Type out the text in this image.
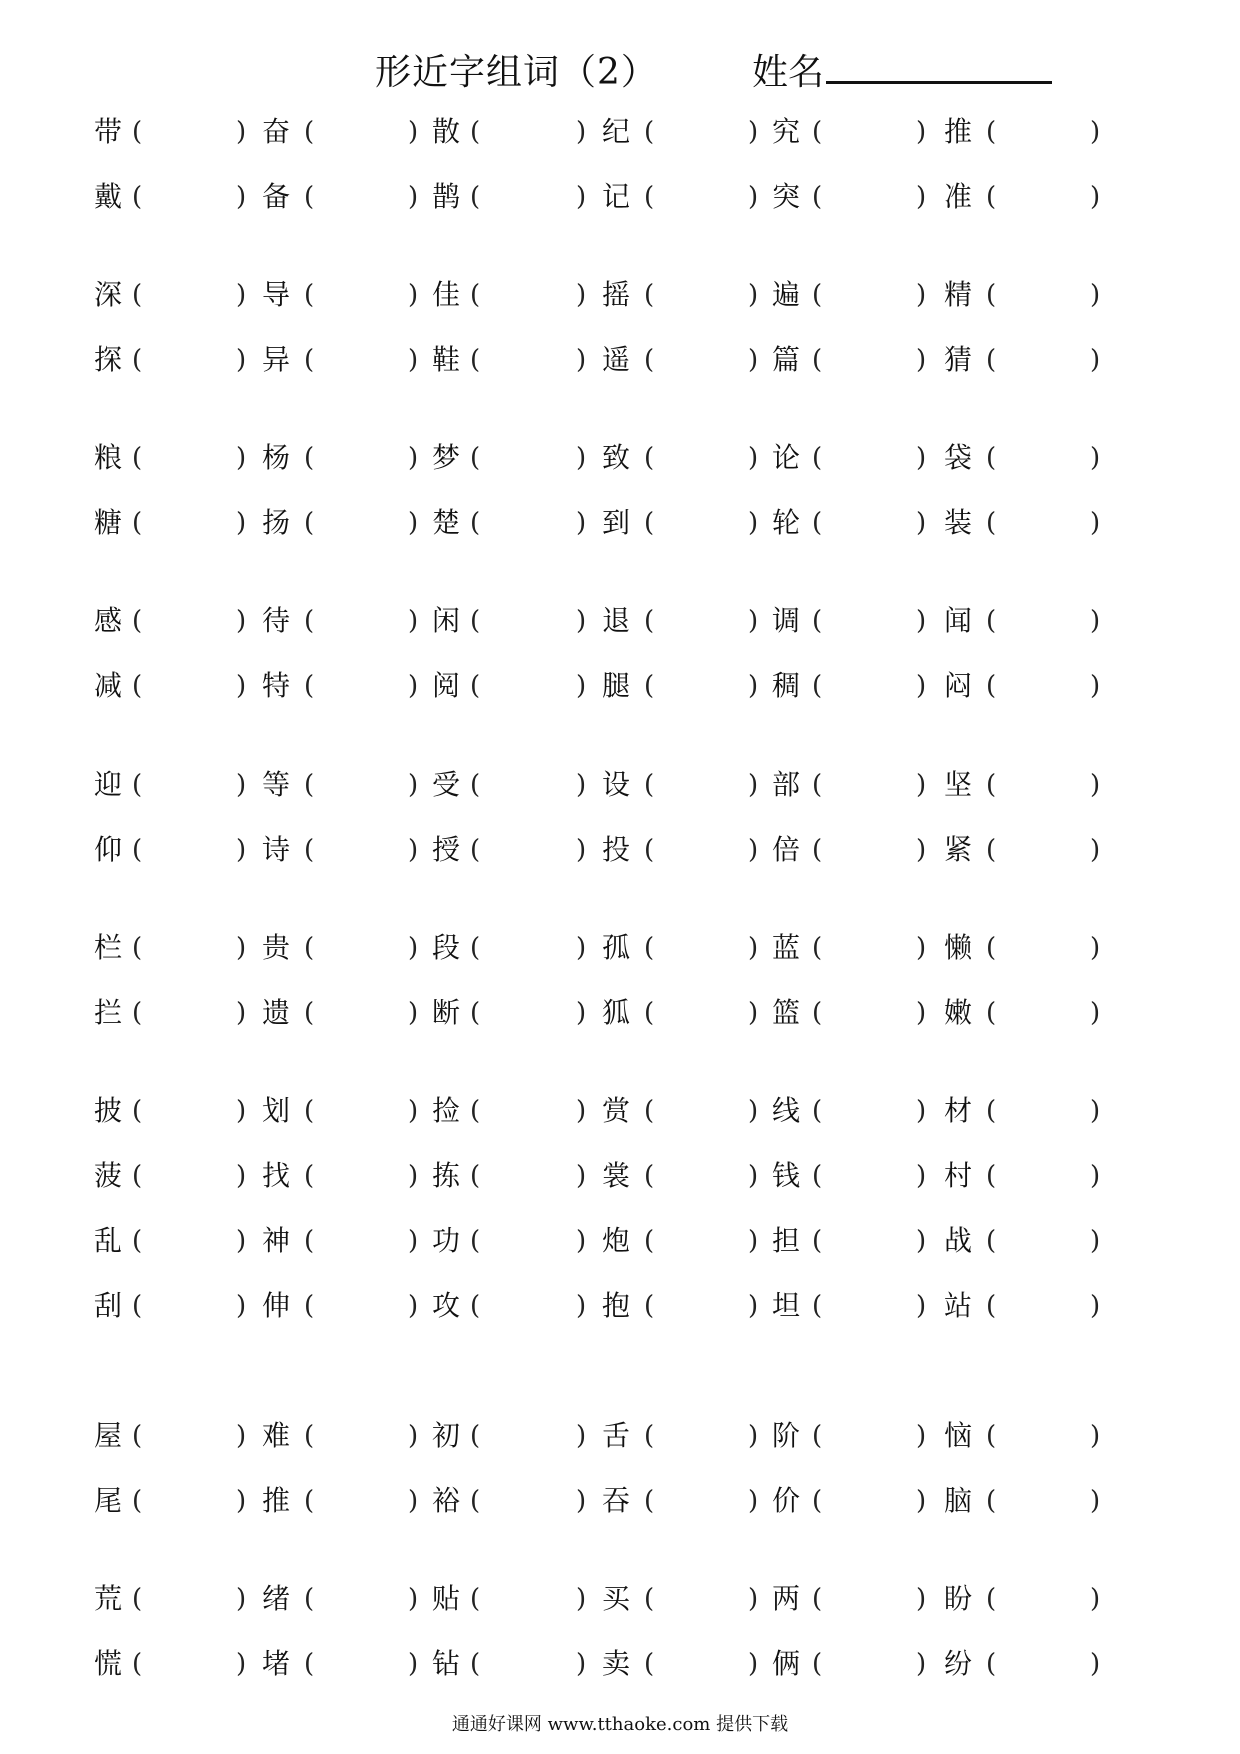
形近字组词（2）	姓名
带 (	) 奋 (	) 散 (	) 纪 (	) 究 (	) 推 (	)
戴 (	) 备 (	) 鹊 (	) 记 (	) 突 (	) 准 (	)
深 (	) 导 (	) 佳 (	) 摇 (	) 遍 (	) 精 (	)
探 (	) 异 (	) 鞋 (	) 遥 (	) 篇 (	) 猜 (	)
粮 (	) 杨 (	) 梦 (	) 致 (	) 论 (	) 袋 (	)
糖 (	) 扬 (	) 楚 (	) 到 (	) 轮 (	) 装 (	)
感 (	) 待 (	) 闲 (	) 退 (	) 调 (	) 闻 (	)
减 (	) 特 (	) 阅 (	) 腿 (	) 稠 (	) 闷 (	)
迎 (	) 等 (	) 受 (	) 设 (	) 部 (	) 坚 (	)
仰 (	) 诗 (	) 授 (	) 投 (	) 倍 (	) 紧 (	)
栏 (	) 贵 (	) 段 (	) 孤 (	) 蓝 (	) 懒 (	)
拦 (	) 遗 (	) 断 (	) 狐 (	) 篮 (	) 嫩 (	)
披 (	) 划 (	) 捡 (	) 赏 (	) 线 (	) 材 (	)
菠 (	) 找 (	) 拣 (	) 裳 (	) 钱 (	) 村 (	)
乱 (	) 神 (	) 功 (	) 炮 (	) 担 (	) 战 (	)
刮 (	) 伸 (	) 攻 (	) 抱 (	) 坦 (	) 站 (	)
屋 (	) 难 (	) 初 (	) 舌 (	) 阶 (	) 恼 (	)
尾 (	) 推 (	) 裕 (	) 吞 (	) 价 (	) 脑 (	)
荒 (	) 绪 (	) 贴 (	) 买 (	) 两 (	) 盼 (	)
慌 (	) 堵 (	) 钻 (	) 卖 (	) 俩 (	) 纷 (	)
通通好课网 www.tthaoke.com 提供下载
